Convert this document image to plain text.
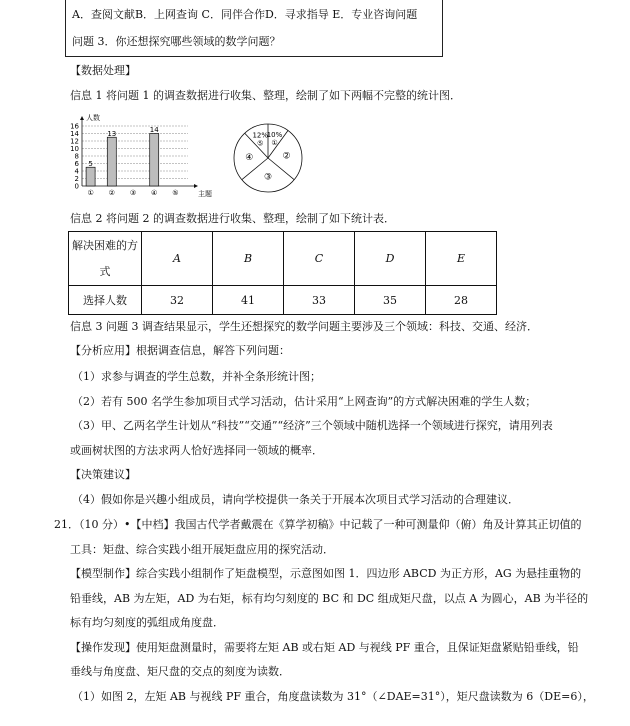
A．查阅文献B．上网查询 C．同伴合作D．寻求指导 E．专业咨询问题
问题 3．你还想探究哪些领域的数学问题？
【数据处理】
信息 1 将问题 1 的调查数据进行收集、整理，绘制了如下两幅不完整的统计图．
0
2
4
6
8
10
12
14
16
人数
主题
①
5
②
13
③ ④
14
⑤
10%
①
②
③
④
12%
⑤
信息 2 将问题 2 的调查数据进行收集、整理，绘制了如下统计表．
解决困难的方
式	A	B	C	D	E
选择人数	32	41	33	35	28
信息 3 问题 3 调查结果显示，学生还想探究的数学问题主要涉及三个领域：科技、交通、经济．
【分析应用】根据调查信息，解答下列问题：
（1）求参与调查的学生总数，并补全条形统计图；
（2）若有 500 名学生参加项目式学习活动，估计采用“上网查询”的方式解决困难的学生人数；
（3）甲、乙两名学生计划从“科技”“交通”“经济”三个领域中随机选择一个领域进行探究，请用列表
或画树状图的方法求两人恰好选择同一领域的概率．
【决策建议】
（4）假如你是兴趣小组成员，请向学校提供一条关于开展本次项目式学习活动的合理建议．
21．（10 分）•【中档】我国古代学者戴震在《算学初稿》中记载了一种可测量仰（俯）角及计算其正切值的
工具：矩盘、综合实践小组开展矩盘应用的探究活动．
【模型制作】综合实践小组制作了矩盘模型，示意图如图 1．四边形 ABCD 为正方形，AG 为悬挂重物的
铅垂线，AB 为左矩，AD 为右矩，标有均匀刻度的 BC 和 DC 组成矩尺盘，以点 A 为圆心，AB 为半径的
标有均匀刻度的弧组成角度盘．
【操作发现】使用矩盘测量时，需要将左矩 AB 或右矩 AD 与视线 PF 重合，且保证矩盘紧贴铅垂线，铅
垂线与角度盘、矩尺盘的交点的刻度为读数．
（1）如图 2，左矩 AB 与视线 PF 重合，角度盘读数为 31°（∠DAE=31°），矩尺盘读数为 6（DE=6），
